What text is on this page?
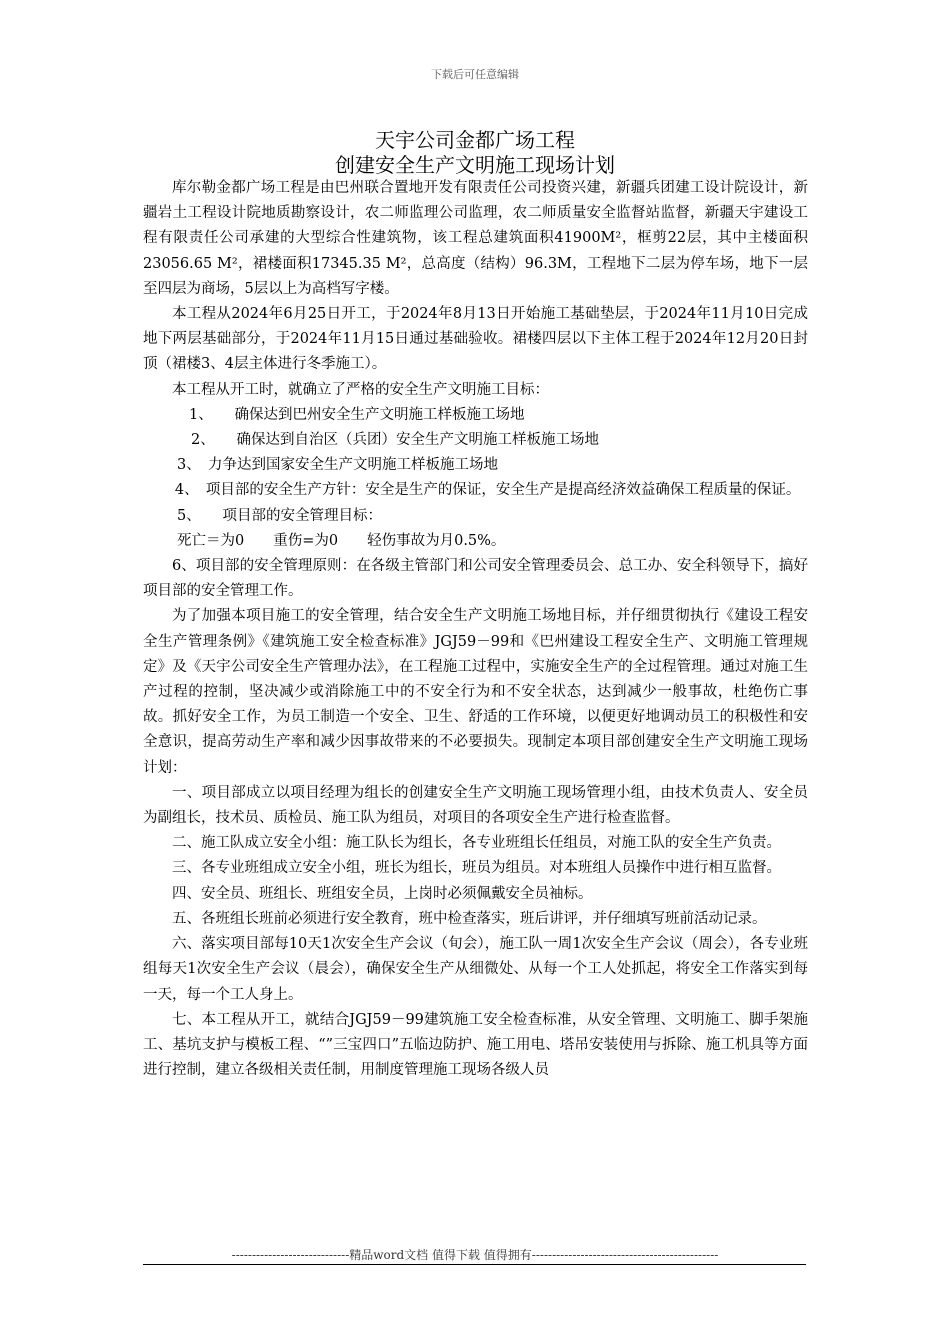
下载后可任意编辑
天宇公司金都广场工程
创建安全生产文明施工现场计划

库尔勒金都广场工程是由巴州联合置地开发有限责任公司投资兴建，新疆兵团建工设计院设计，新疆岩土工程设计院地质勘察设计，农二师监理公司监理，农二师质量安全监督站监督，新疆天宇建设工程有限责任公司承建的大型综合性建筑物，该工程总建筑面积41900M²，框剪22层，其中主楼面积23056.65 M²，裙楼面积17345.35 M²，总高度（结构）96.3M，工程地下二层为停车场，地下一层至四层为商场，5层以上为高档写字楼。

本工程从2024年6月25日开工，于2024年8月13日开始施工基础垫层，于2024年11月10日完成地下两层基础部分，于2024年11月15日通过基础验收。裙楼四层以下主体工程于2024年12月20日封顶（裙楼3、4层主体进行冬季施工）。

本工程从开工时，就确立了严格的安全生产文明施工目标：

1、　　确保达到巴州安全生产文明施工样板施工场地

2、　　确保达到自治区（兵团）安全生产文明施工样板施工场地

3、　力争达到国家安全生产文明施工样板施工场地

4、　项目部的安全生产方针：安全是生产的保证，安全生产是提高经济效益确保工程质量的保证。

5、　　项目部的安全管理目标：

死亡＝为0　　重伤=为0　　轻伤事故为月0.5%。

6、项目部的安全管理原则：在各级主管部门和公司安全管理委员会、总工办、安全科领导下，搞好项目部的安全管理工作。

为了加强本项目施工的安全管理，结合安全生产文明施工场地目标，并仔细贯彻执行《建设工程安全生产管理条例》《建筑施工安全检查标准》JGJ59－99和《巴州建设工程安全生产、文明施工管理规定》及《天宇公司安全生产管理办法》，在工程施工过程中，实施安全生产的全过程管理。通过对施工生产过程的控制，坚决减少或消除施工中的不安全行为和不安全状态，达到减少一般事故，杜绝伤亡事故。抓好安全工作，为员工制造一个安全、卫生、舒适的工作环境，以便更好地调动员工的积极性和安全意识，提高劳动生产率和减少因事故带来的不必要损失。现制定本项目部创建安全生产文明施工现场计划：

一、项目部成立以项目经理为组长的创建安全生产文明施工现场管理小组，由技术负责人、安全员为副组长，技术员、质检员、施工队为组员，对项目的各项安全生产进行检查监督。

二、施工队成立安全小组：施工队长为组长，各专业班组长任组员，对施工队的安全生产负责。

三、各专业班组成立安全小组，班长为组长，班员为组员。对本班组人员操作中进行相互监督。

四、安全员、班组长、班组安全员，上岗时必须佩戴安全员袖标。

五、各班组长班前必须进行安全教育，班中检查落实，班后讲评，并仔细填写班前活动记录。

六、落实项目部每10天1次安全生产会议（旬会），施工队一周1次安全生产会议（周会），各专业班组每天1次安全生产会议（晨会），确保安全生产从细微处、从每一个工人处抓起，将安全工作落实到每一天，每一个工人身上。

七、本工程从开工，就结合JGJ59－99建筑施工安全检查标准，从安全管理、文明施工、脚手架施工、基坑支护与模板工程、“”三宝四口”五临边防护、施工用电、塔吊安装使用与拆除、施工机具等方面进行控制，建立各级相关责任制，用制度管理施工现场各级人员

-----------------------------精品word文档 值得下载 值得拥有----------------------------------------------
